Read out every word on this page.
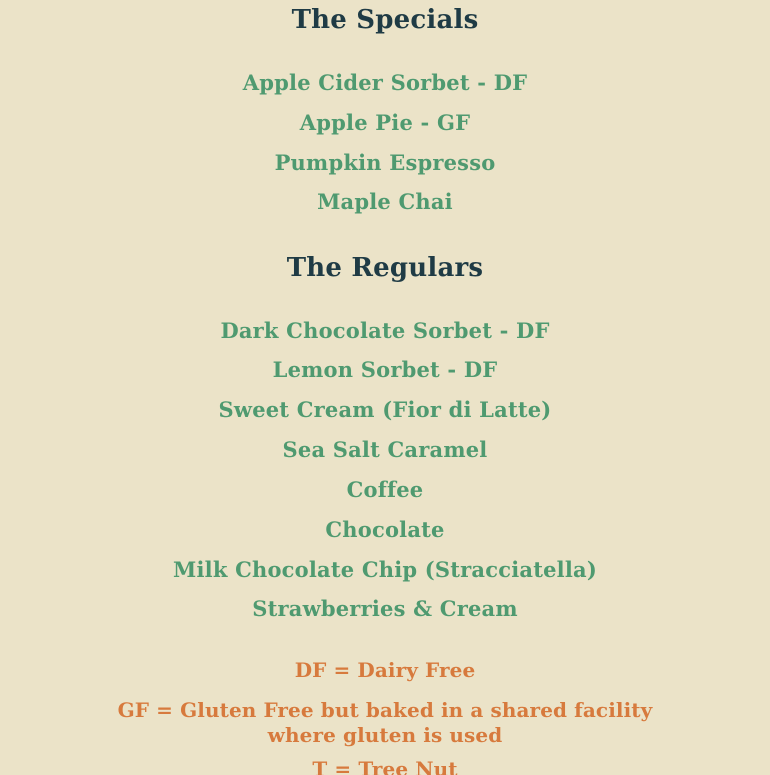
The Specials

Apple Cider Sorbet - DF

Apple Pie - GF

Pumpkin Espresso

Maple Chai

The Regulars

Dark Chocolate Sorbet - DF

Lemon Sorbet - DF

Sweet Cream (Fior di Latte)

Sea Salt Caramel

Coffee

Chocolate

Milk Chocolate Chip (Stracciatella)

Strawberries & Cream

DF = Dairy Free

GF = Gluten Free but baked in a shared facility where gluten is used

T = Tree Nut
